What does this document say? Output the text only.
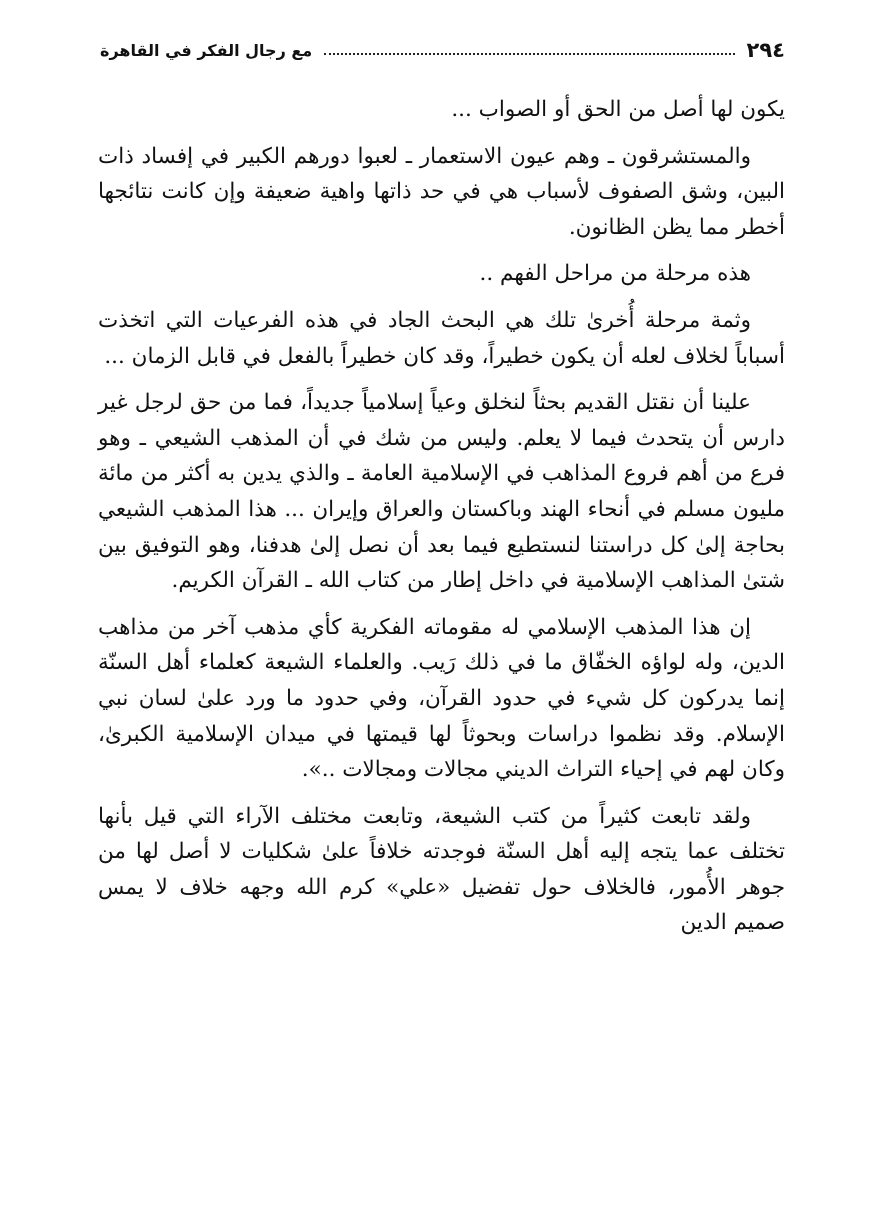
٢٩٤
مع رجال الفكر في القاهرة

يكون لها أصل من الحق أو الصواب ...

والمستشرقون ـ وهم عيون الاستعمار ـ لعبوا دورهم الكبير في إفساد ذات البين، وشق الصفوف لأسباب هي في حد ذاتها واهية ضعيفة وإن كانت نتائجها أخطر مما يظن الظانون.

هذه مرحلة من مراحل الفهم ..

وثمة مرحلة أُخرىٰ تلك هي البحث الجاد في هذه الفرعيات التي اتخذت أسباباً لخلاف لعله أن يكون خطيراً، وقد كان خطيراً بالفعل في قابل الزمان ...

علينا أن نقتل القديم بحثاً لنخلق وعياً إسلامياً جديداً، فما من حق لرجل غير دارس أن يتحدث فيما لا يعلم. وليس من شك في أن المذهب الشيعي ـ وهو فرع من أهم فروع المذاهب في الإسلامية العامة ـ والذي يدين به أكثر من مائة مليون مسلم في أنحاء الهند وباكستان والعراق وإيران ... هذا المذهب الشيعي بحاجة إلىٰ كل دراستنا لنستطيع فيما بعد أن نصل إلىٰ هدفنا، وهو التوفيق بين شتىٰ المذاهب الإسلامية في داخل إطار من كتاب الله ـ القرآن الكريم.

إن هذا المذهب الإسلامي له مقوماته الفكرية كأي مذهب آخر من مذاهب الدين، وله لواؤه الخفّاق ما في ذلك رَيب. والعلماء الشيعة كعلماء أهل السنّة إنما يدركون كل شيء في حدود القرآن، وفي حدود ما ورد علىٰ لسان نبي الإسلام. وقد نظموا دراسات وبحوثاً لها قيمتها في ميدان الإسلامية الكبرىٰ، وكان لهم في إحياء التراث الديني مجالات ومجالات ..».

ولقد تابعت كثيراً من كتب الشيعة، وتابعت مختلف الآراء التي قيل بأنها تختلف عما يتجه إليه أهل السنّة فوجدته خلافاً علىٰ شكليات لا أصل لها من جوهر الأُمور، فالخلاف حول تفضيل «علي» كرم الله وجهه خلاف لا يمس صميم الدين
